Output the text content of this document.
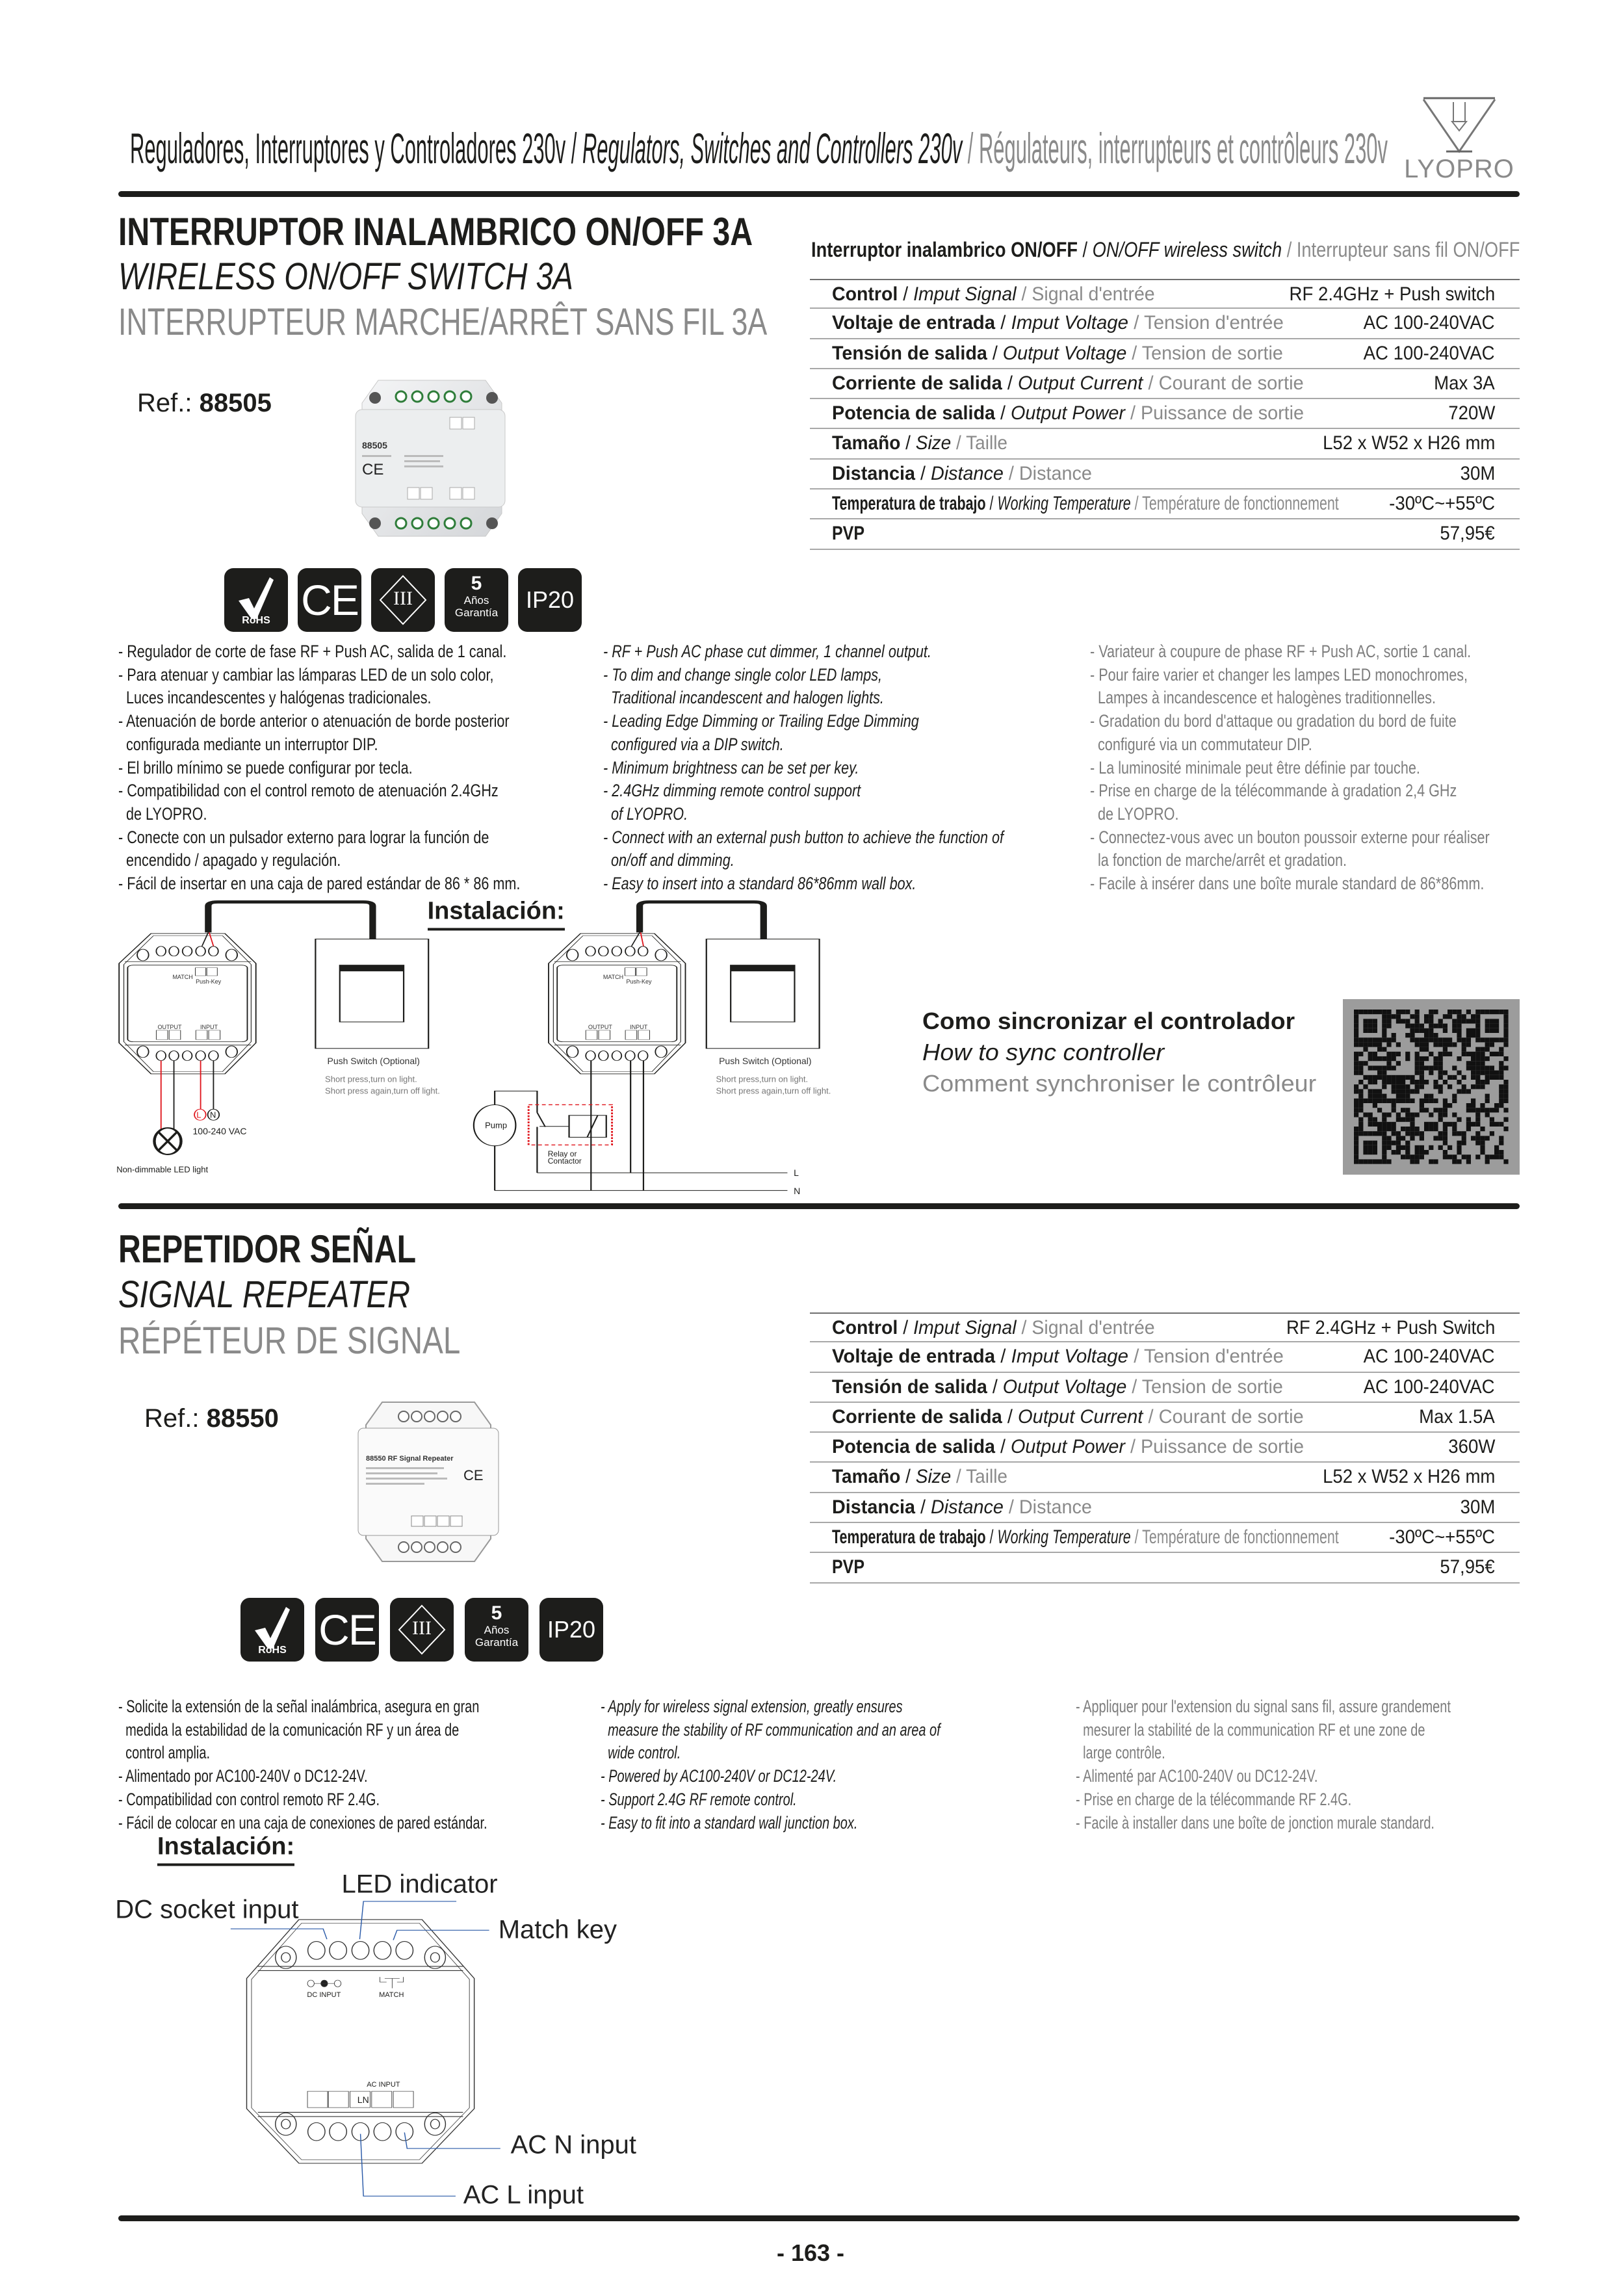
Reguladores, Interruptores y Controladores 230v / Regulators, Switches and Controllers 230v / Régulateurs, interrupteurs et contrôleurs 230v LYOPRO
INTERRUPTOR INALAMBRICO ON/OFF 3A
WIRELESS ON/OFF SWITCH 3A
INTERRUPTEUR MARCHE/ARRÊT SANS FIL 3A
Interruptor inalambrico ON/OFF / ON/OFF wireless switch / Interrupteur sans fil ON/OFF
Control / Imput Signal / Signal d'entrée	RF 2.4GHz + Push switch
Voltaje de entrada / Imput Voltage / Tension d'entrée	AC 100-240VAC
Tensión de salida / Output Voltage / Tension de sortie	AC 100-240VAC
Corriente de salida / Output Current / Courant de sortie	Max 3A
Potencia de salida / Output Power / Puissance de sortie	720W
Tamaño / Size / Taille	L52 x W52 x H26 mm
Distancia / Distance / Distance	30M
Temperatura de trabajo / Working Temperature / Température de fonctionnement	-30ºC~+55ºC
PVP	57,95€
Ref.: 88505
88505
CE
RoHS CE	III
5
Años
Garantía	IP20
- Regulador de corte de fase RF + Push AC, salida de 1 canal.
- Para atenuar y cambiar las lámparas LED de un solo color,
Luces incandescentes y halógenas tradicionales.
- Atenuación de borde anterior o atenuación de borde posterior
configurada mediante un interruptor DIP.
- El brillo mínimo se puede configurar por tecla.
- Compatibilidad con el control remoto de atenuación 2.4GHz
de LYOPRO.
- Conecte con un pulsador externo para lograr la función de
encendido / apagado y regulación.
- Fácil de insertar en una caja de pared estándar de 86 * 86 mm.
- RF + Push AC phase cut dimmer, 1 channel output.
- To dim and change single color LED lamps,
Traditional incandescent and halogen lights.
- Leading Edge Dimming or Trailing Edge Dimming
configured via a DIP switch.
- Minimum brightness can be set per key.
- 2.4GHz dimming remote control support
of LYOPRO.
- Connect with an external push button to achieve the function of
on/off and dimming.
- Easy to insert into a standard 86*86mm wall box.
- Variateur à coupure de phase RF + Push AC, sortie 1 canal.
- Pour faire varier et changer les lampes LED monochromes,
Lampes à incandescence et halogènes traditionnelles.
- Gradation du bord d'attaque ou gradation du bord de fuite
configuré via un commutateur DIP.
- La luminosité minimale peut être définie par touche.
- Prise en charge de la télécommande à gradation 2,4 GHz
de LYOPRO.
- Connectez-vous avec un bouton poussoir externe pour réaliser
la fonction de marche/arrêt et gradation.
- Facile à insérer dans une boîte murale standard de 86*86mm.
Instalación:
MATCH
Push-Key
OUTPUT	INPUT
MATCH
Push-Key
OUTPUT	INPUT
Push Switch (Optional)
Short press,turn on light.
Short press again,turn off light.
Push Switch (Optional)
Short press,turn on light.
Short press again,turn off light.
L N
100-240 VAC
Non-dimmable LED light
Pump
Relay or
Contactor
L
N
Como sincronizar el controlador
How to sync controller
Comment synchroniser le contrôleur
REPETIDOR SEÑAL
SIGNAL REPEATER
RÉPÉTEUR DE SIGNAL	Control / Imput Signal / Signal d'entrée	RF 2.4GHz + Push Switch
Voltaje de entrada / Imput Voltage / Tension d'entrée	AC 100-240VAC
Tensión de salida / Output Voltage / Tension de sortie	AC 100-240VAC
Corriente de salida / Output Current / Courant de sortie	Max 1.5A
Potencia de salida / Output Power / Puissance de sortie	360W
Tamaño / Size / Taille	L52 x W52 x H26 mm
Distancia / Distance / Distance	30M
Temperatura de trabajo / Working Temperature / Température de fonctionnement	-30ºC~+55ºC
PVP	57,95€
Ref.: 88550
88550 RF Signal Repeater
CE
RoHS CE	III
5
Años
Garantía	IP20
- Solicite la extensión de la señal inalámbrica, asegura en gran
medida la estabilidad de la comunicación RF y un área de
control amplia.
- Alimentado por AC100-240V o DC12-24V.
- Compatibilidad con control remoto RF 2.4G.
- Fácil de colocar en una caja de conexiones de pared estándar.
- Apply for wireless signal extension, greatly ensures
measure the stability of RF communication and an area of
wide control.
- Powered by AC100-240V or DC12-24V.
- Support 2.4G RF remote control.
- Easy to fit into a standard wall junction box.
- Appliquer pour l'extension du signal sans fil, assure grandement
mesurer la stabilité de la communication RF et une zone de
large contrôle.
- Alimenté par AC100-240V ou DC12-24V.
- Prise en charge de la télécommande RF 2.4G.
- Facile à installer dans une boîte de jonction murale standard.
Instalación:
LED indicator
DC socket input
Match key
AC N input
AC L input
DC INPUT	MATCH
AC INPUT
LN
- 163 -
